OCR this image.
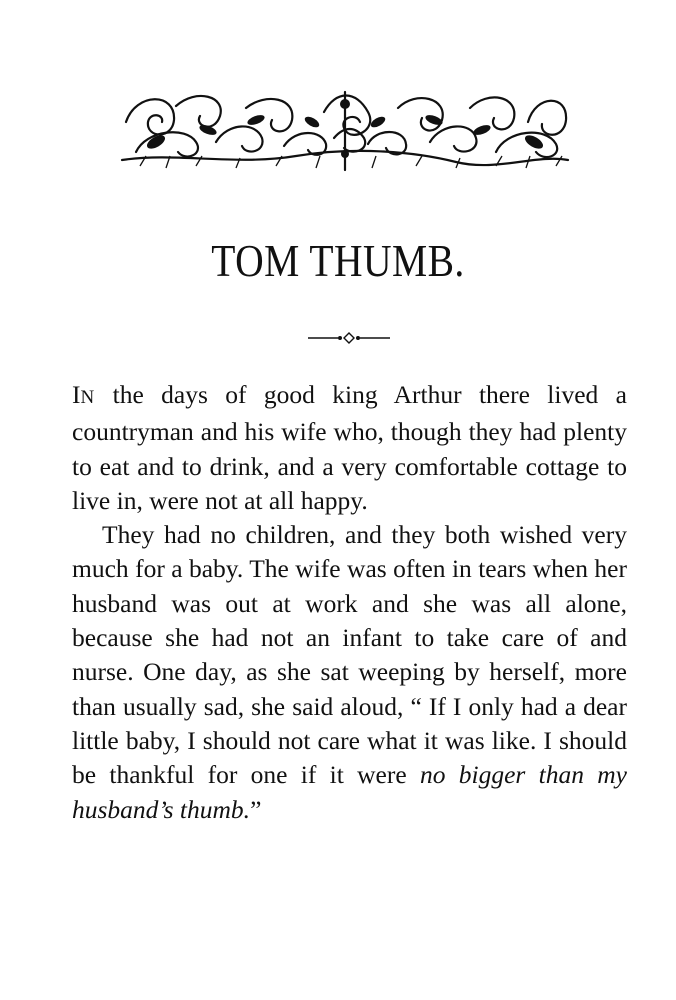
TOM THUMB.

IN the days of good king Arthur there lived a countryman and his wife who, though they had plenty to eat and to drink, and a very comfortable cottage to live in, were not at all happy.

They had no children, and they both wished very much for a baby. The wife was often in tears when her husband was out at work and she was all alone, because she had not an infant to take care of and nurse. One day, as she sat weeping by herself, more than usually sad, she said aloud, “ If I only had a dear little baby, I should not care what it was like. I should be thankful for one if it were no bigger than my husband’s thumb.”
